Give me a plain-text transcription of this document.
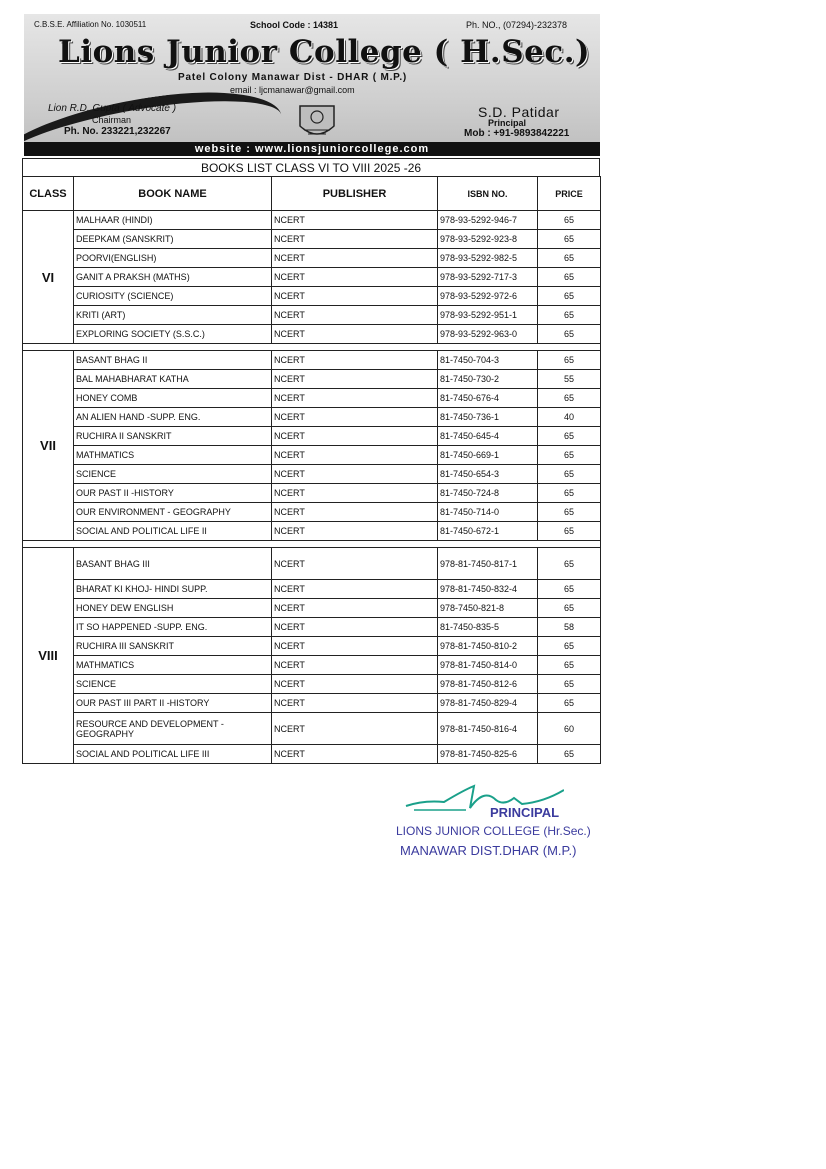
C.B.S.E. Affiliation No. 1030511	School Code : 14381	Ph. NO., (07294)-232378
Lions Junior College ( H.Sec.)
Patel Colony Manawar Dist - DHAR ( M.P.)
email : ljcmanawar@gmail.com
Lion R.D. Gupta ( Advocate )
Chairman
Ph. No. 233221,232267
S.D. Patidar
Principal
Mob : +91-9893842221
website : www.lionsjuniorcollege.com
BOOKS LIST CLASS VI TO VIII 2025 -26
CLASS	BOOK NAME	PUBLISHER	ISBN NO.	PRICE
VI	MALHAAR (HINDI)	NCERT	978-93-5292-946-7	65
	DEEPKAM (SANSKRIT)	NCERT	978-93-5292-923-8	65
	POORVI(ENGLISH)	NCERT	978-93-5292-982-5	65
	GANIT A PRAKSH (MATHS)	NCERT	978-93-5292-717-3	65
	CURIOSITY (SCIENCE)	NCERT	978-93-5292-972-6	65
	KRITI (ART)	NCERT	978-93-5292-951-1	65
	EXPLORING SOCIETY (S.S.C.)	NCERT	978-93-5292-963-0	65

VII	BASANT BHAG II	NCERT	81-7450-704-3	65
	BAL MAHABHARAT KATHA	NCERT	81-7450-730-2	55
	HONEY COMB	NCERT	81-7450-676-4	65
	AN ALIEN HAND -SUPP. ENG.	NCERT	81-7450-736-1	40
	RUCHIRA II SANSKRIT	NCERT	81-7450-645-4	65
	MATHMATICS	NCERT	81-7450-669-1	65
	SCIENCE	NCERT	81-7450-654-3	65
	OUR PAST II -HISTORY	NCERT	81-7450-724-8	65
	OUR ENVIRONMENT - GEOGRAPHY	NCERT	81-7450-714-0	65
	SOCIAL AND POLITICAL LIFE II	NCERT	81-7450-672-1	65

VIII	BASANT BHAG III	NCERT	978-81-7450-817-1	65
	BHARAT KI KHOJ- HINDI SUPP.	NCERT	978-81-7450-832-4	65
	HONEY DEW ENGLISH	NCERT	978-7450-821-8	65
	IT SO HAPPENED -SUPP. ENG.	NCERT	81-7450-835-5	58
	RUCHIRA III SANSKRIT	NCERT	978-81-7450-810-2	65
	MATHMATICS	NCERT	978-81-7450-814-0	65
	SCIENCE	NCERT	978-81-7450-812-6	65
	OUR PAST III PART II -HISTORY	NCERT	978-81-7450-829-4	65
	RESOURCE AND DEVELOPMENT - GEOGRAPHY	NCERT	978-81-7450-816-4	60
	SOCIAL AND POLITICAL LIFE III	NCERT	978-81-7450-825-6	65
PRINCIPAL
LIONS JUNIOR COLLEGE (Hr.Sec.)
MANAWAR DIST.DHAR (M.P.)
